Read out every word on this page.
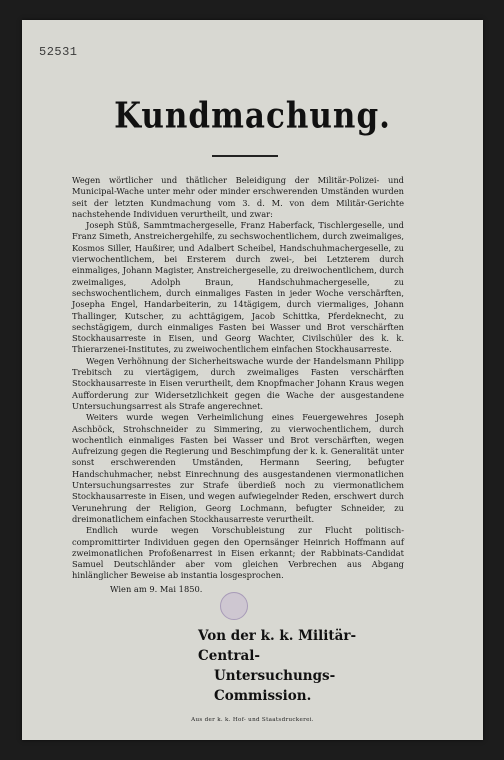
52531
Kundmachung.

Wegen wörtlicher und thätlicher Beleidigung der Militär-Polizei- und Municipal-Wache unter mehr oder minder erschwerenden Umständen wurden seit der letzten Kundmachung vom 3. d. M. von dem Militär-Gerichte nachstehende Individuen verurtheilt, und zwar:

Joseph Stüß, Sammtmachergeselle, Franz Haberfack, Tischlergeselle, und Franz Simeth, Anstreichergehilfe, zu sechswochentlichem, durch zweimaliges, Kosmos Siller, Haußirer, und Adalbert Scheibel, Handschuhmachergeselle, zu vierwochentlichem, bei Ersterem durch zwei-, bei Letzterem durch einmaliges, Johann Magister, Anstreichergeselle, zu dreiwochentlichem, durch zweimaliges, Adolph Braun, Handschuhmachergeselle, zu sechswochentlichem, durch einmaliges Fasten in jeder Woche verschärften, Josepha Engel, Handarbeiterin, zu 14tägigem, durch viermaliges, Johann Thallinger, Kutscher, zu achttägigem, Jacob Schittka, Pferdeknecht, zu sechstägigem, durch einmaliges Fasten bei Wasser und Brot verschärften Stockhausarreste in Eisen, und Georg Wachter, Civilschüler des k. k. Thierarzenei-Institutes, zu zweiwochentlichem einfachen Stockhausarreste.

Wegen Verhöhnung der Sicherheitswache wurde der Handelsmann Philipp Trebitsch zu viertägigem, durch zweimaliges Fasten verschärften Stockhausarreste in Eisen verurtheilt, dem Knopfmacher Johann Kraus wegen Aufforderung zur Widersetzlichkeit gegen die Wache der ausgestandene Untersuchungsarrest als Strafe angerechnet.

Weiters wurde wegen Verheimlichung eines Feuergewehres Joseph Aschböck, Strohschneider zu Simmering, zu vierwochentlichem, durch wochentlich einmaliges Fasten bei Wasser und Brot verschärften, wegen Aufreizung gegen die Regierung und Beschimpfung der k. k. Generalität unter sonst erschwerenden Umständen, Hermann Seering, befugter Handschuhmacher, nebst Einrechnung des ausgestandenen viermonatlichen Untersuchungsarrestes zur Strafe überdieß noch zu viermonatlichem Stockhausarreste in Eisen, und wegen aufwiegelnder Reden, erschwert durch Verunehrung der Religion, Georg Lochmann, befugter Schneider, zu dreimonatlichem einfachen Stockhausarreste verurtheilt.

Endlich wurde wegen Vorschubleistung zur Flucht politisch-compromittirter Individuen gegen den Opernsänger Heinrich Hoffmann auf zweimonatlichen Profoßenarrest in Eisen erkannt; der Rabbinats-Candidat Samuel Deutschländer aber vom gleichen Verbrechen aus Abgang hinlänglicher Beweise ab instantia losgesprochen.

Wien am 9. Mai 1850.
Von der k. k. Militär-Central-
Untersuchungs-Commission.
Aus der k. k. Hof- und Staatsdruckerei.
